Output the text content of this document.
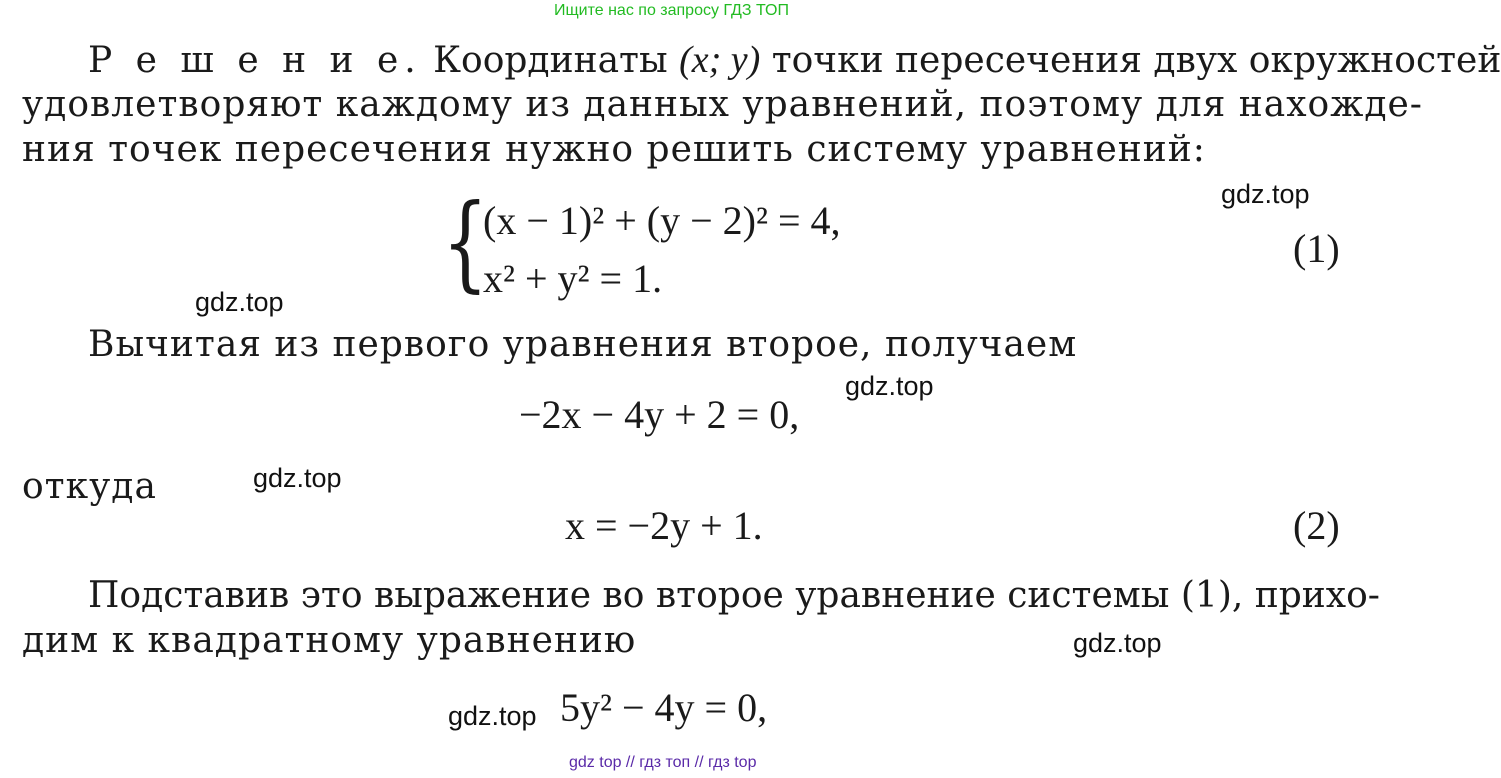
Ищите нас по запросу ГДЗ ТОП
Р е ш е н и е. Координаты (x; y) точки пересечения двух окружностей
удовлетворяют каждому из данных уравнений, поэтому для нахожде-
ния точек пересечения нужно решить систему уравнений:
{
(x − 1)² + (y − 2)² = 4,
x² + y² = 1.
(1)
Вычитая из первого уравнения второе, получаем
−2x − 4y + 2 = 0,
откуда
x = −2y + 1.	(2)
Подставив это выражение во второе уравнение системы (1), прихо-
дим к квадратному уравнению
5y² − 4y = 0,
gdz.top
gdz.top
gdz.top
gdz.top
gdz.top
gdz.top
gdz top // гдз топ // гдз top
